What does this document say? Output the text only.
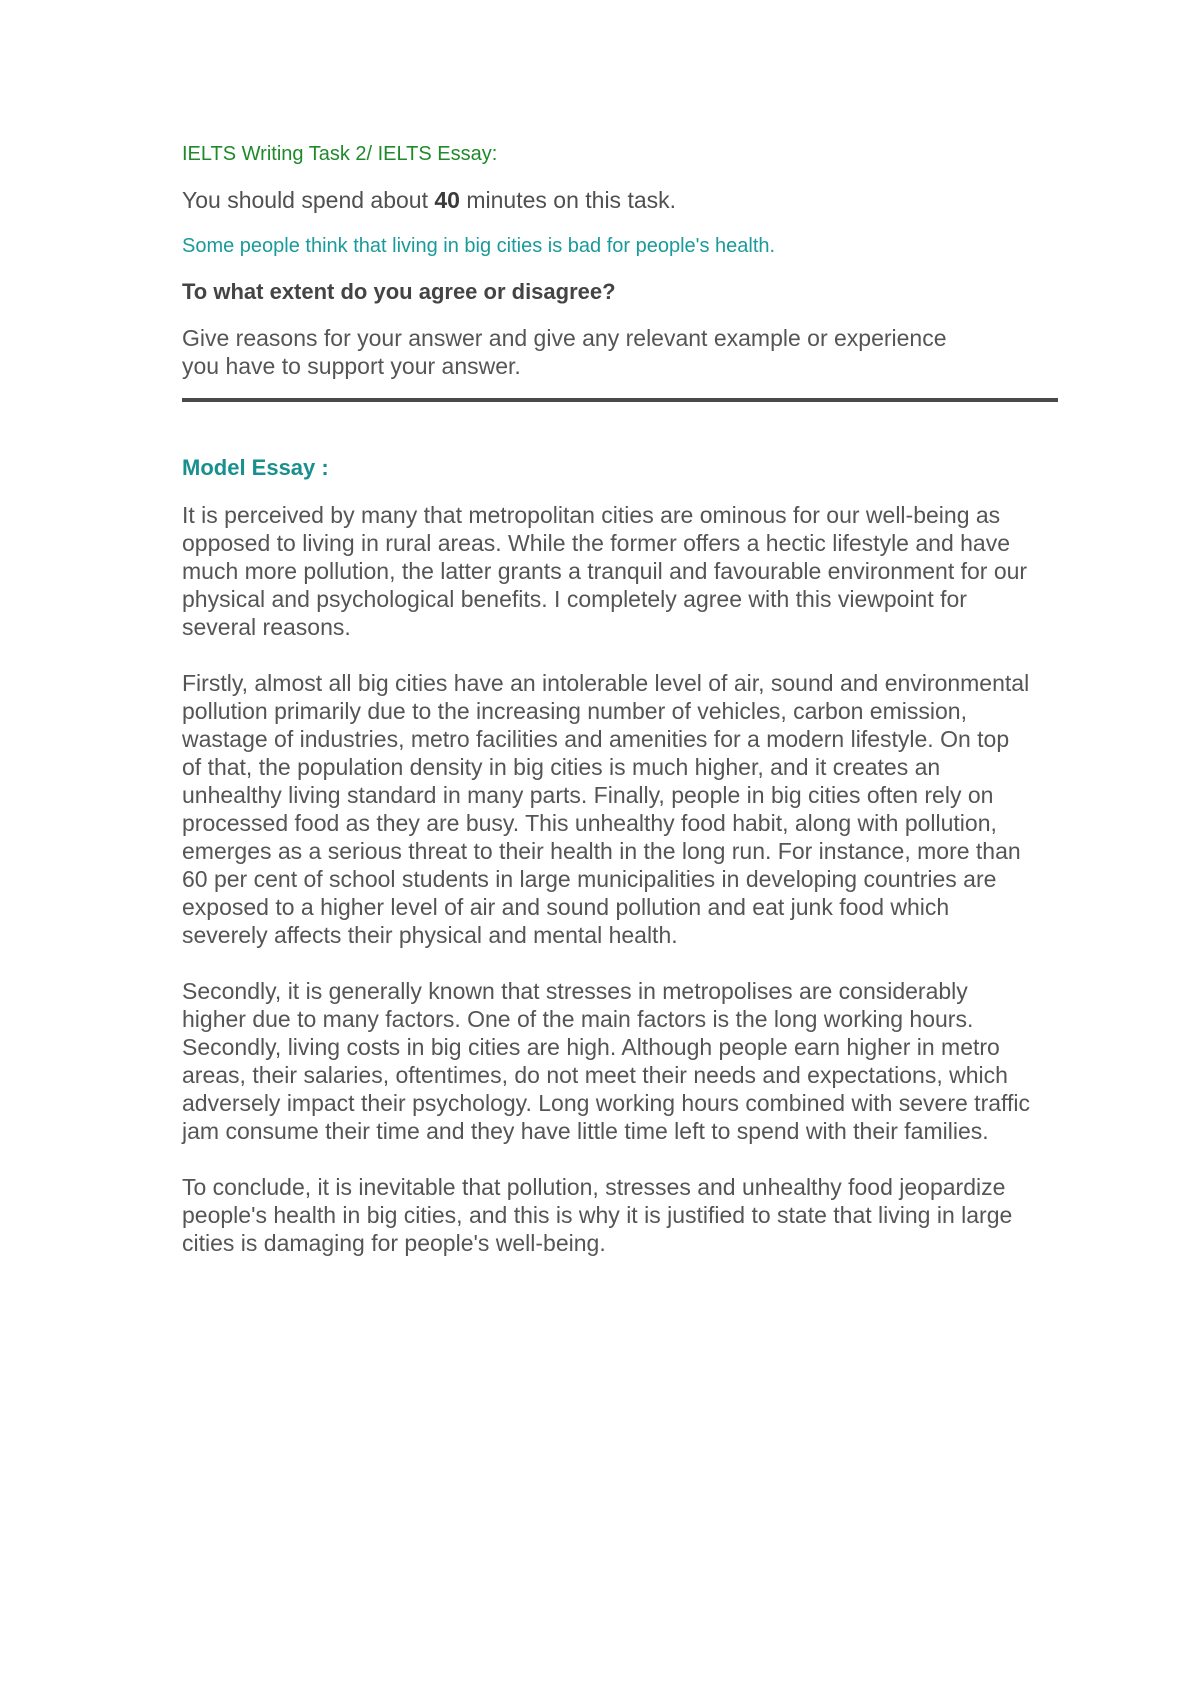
IELTS Writing Task 2/ IELTS Essay:

You should spend about 40 minutes on this task.

Some people think that living in big cities is bad for people's health.

To what extent do you agree or disagree?

Give reasons for your answer and give any relevant example or experience you have to support your answer.

Model Essay :

It is perceived by many that metropolitan cities are ominous for our well-being as opposed to living in rural areas. While the former offers a hectic lifestyle and have much more pollution, the latter grants a tranquil and favourable environment for our physical and psychological benefits. I completely agree with this viewpoint for several reasons.

Firstly, almost all big cities have an intolerable level of air, sound and environmental pollution primarily due to the increasing number of vehicles, carbon emission, wastage of industries, metro facilities and amenities for a modern lifestyle. On top of that, the population density in big cities is much higher, and it creates an unhealthy living standard in many parts. Finally, people in big cities often rely on processed food as they are busy. This unhealthy food habit, along with pollution, emerges as a serious threat to their health in the long run. For instance, more than 60 per cent of school students in large municipalities in developing countries are exposed to a higher level of air and sound pollution and eat junk food which severely affects their physical and mental health.

Secondly, it is generally known that stresses in metropolises are considerably higher due to many factors. One of the main factors is the long working hours. Secondly, living costs in big cities are high. Although people earn higher in metro areas, their salaries, oftentimes, do not meet their needs and expectations, which adversely impact their psychology. Long working hours combined with severe traffic jam consume their time and they have little time left to spend with their families.

To conclude, it is inevitable that pollution, stresses and unhealthy food jeopardize people's health in big cities, and this is why it is justified to state that living in large cities is damaging for people's well-being.
